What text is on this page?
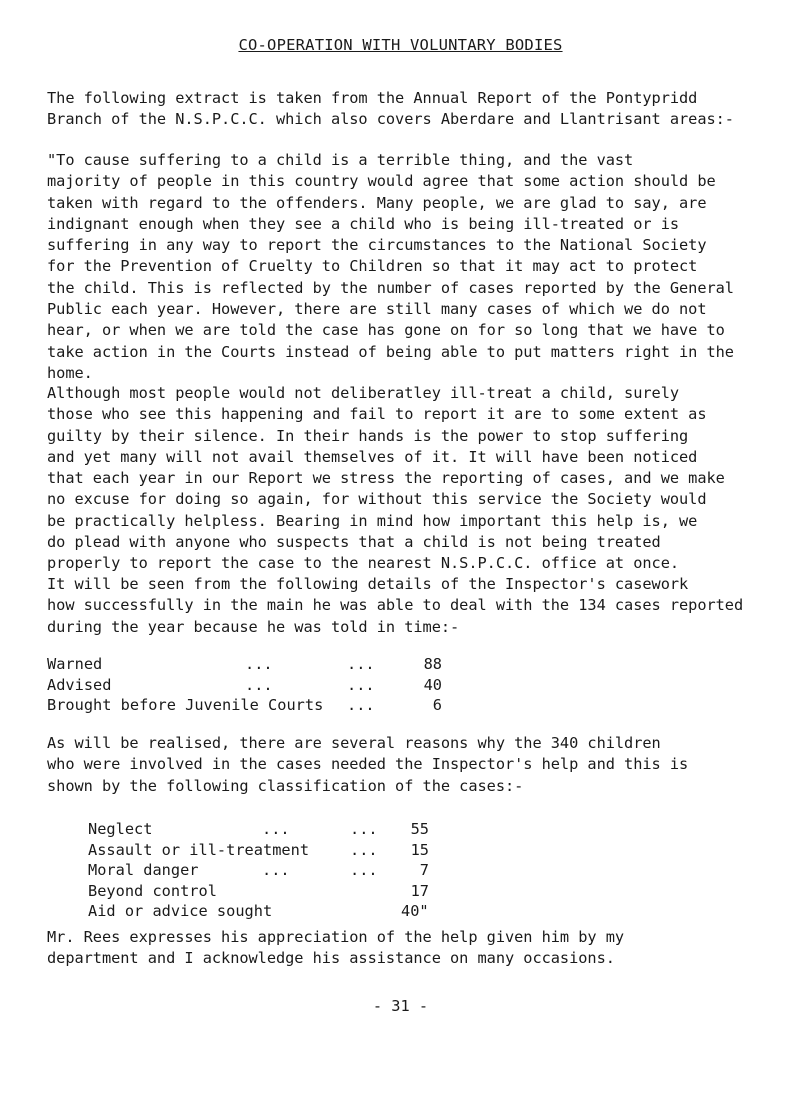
CO-OPERATION WITH VOLUNTARY BODIES

The following extract is taken from the Annual Report of the Pontypridd
Branch of the N.S.P.C.C. which also covers Aberdare and Llantrisant areas:-

"To cause suffering to a child is a terrible thing, and the vast
majority of people in this country would agree that some action should be
taken with regard to the offenders. Many people, we are glad to say, are
indignant enough when they see a child who is being ill-treated or is
suffering in any way to report the circumstances to the National Society
for the Prevention of Cruelty to Children so that it may act to protect
the child. This is reflected by the number of cases reported by the General
Public each year. However, there are still many cases of which we do not
hear, or when we are told the case has gone on for so long that we have to
take action in the Courts instead of being able to put matters right in the
home.

Although most people would not deliberatley ill-treat a child, surely
those who see this happening and fail to report it are to some extent as
guilty by their silence. In their hands is the power to stop suffering
and yet many will not avail themselves of it. It will have been noticed
that each year in our Report we stress the reporting of cases, and we make
no excuse for doing so again, for without this service the Society would
be practically helpless. Bearing in mind how important this help is, we
do plead with anyone who suspects that a child is not being treated
properly to report the case to the nearest N.S.P.C.C. office at once.

It will be seen from the following details of the Inspector's casework
how successfully in the main he was able to deal with the 134 cases reported
during the year because he was told in time:-

Warned	...	...	88
Advised	...	...	40
Brought before Juvenile Courts ...	6

As will be realised, there are several reasons why the 340 children
who were involved in the cases needed the Inspector's help and this is
shown by the following classification of the cases:-

Neglect	...	...	55
Assault or ill-treatment	...	15
Moral danger	...	...	7
Beyond control	17
Aid or advice sought	40"

Mr. Rees expresses his appreciation of the help given him by my
department and I acknowledge his assistance on many occasions.

- 31 -
